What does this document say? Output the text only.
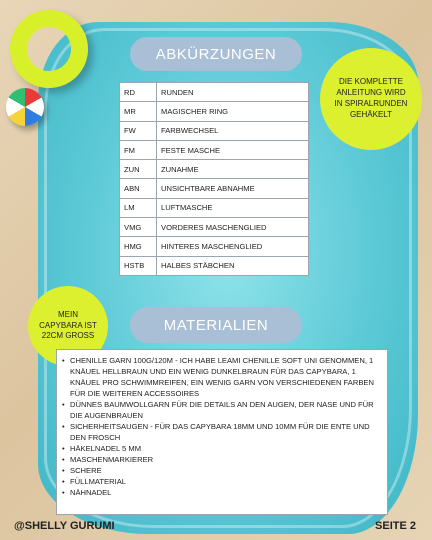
ABKÜRZUNGEN
DIE KOMPLETTE
ANLEITUNG WIRD
IN SPIRALRUNDEN
GEHÄKELT
RD	RUNDEN
MR	MAGISCHER RING
FW	FARBWECHSEL
FM	FESTE MASCHE
ZUN	ZUNAHME
ABN	UNSICHTBARE ABNAHME
LM	LUFTMASCHE
VMG	VORDERES MASCHENGLIED
HMG	HINTERES MASCHENGLIED
HSTB	HALBES STÄBCHEN
MEIN
CAPYBARA IST
22CM GROSS
MATERIALIEN
• CHENILLE GARN 100G/120M - ICH HABE LEAMI CHENILLE SOFT UNI GENOMMEN, 1 KNÄUEL HELLBRAUN UND EIN WENIG DUNKELBRAUN FÜR DAS CAPYBARA, 1 KNÄUEL PRO SCHWIMMREIFEN, EIN WENIG GARN VON VERSCHIEDENEN FARBEN FÜR DIE WEITEREN ACCESSOIRES
• DÜNNES BAUMWOLLGARN FÜR DIE DETAILS AN DEN AUGEN, DER NASE UND FÜR DIE AUGENBRAUEN
• SICHERHEITSAUGEN - FÜR DAS CAPYBARA 18MM UND 10MM FÜR DIE ENTE UND DEN FROSCH
• HÄKELNADEL 5 MM
• MASCHENMARKIERER
• SCHERE
• FÜLLMATERIAL
• NÄHNADEL
@SHELLY GURUMI	SEITE 2
